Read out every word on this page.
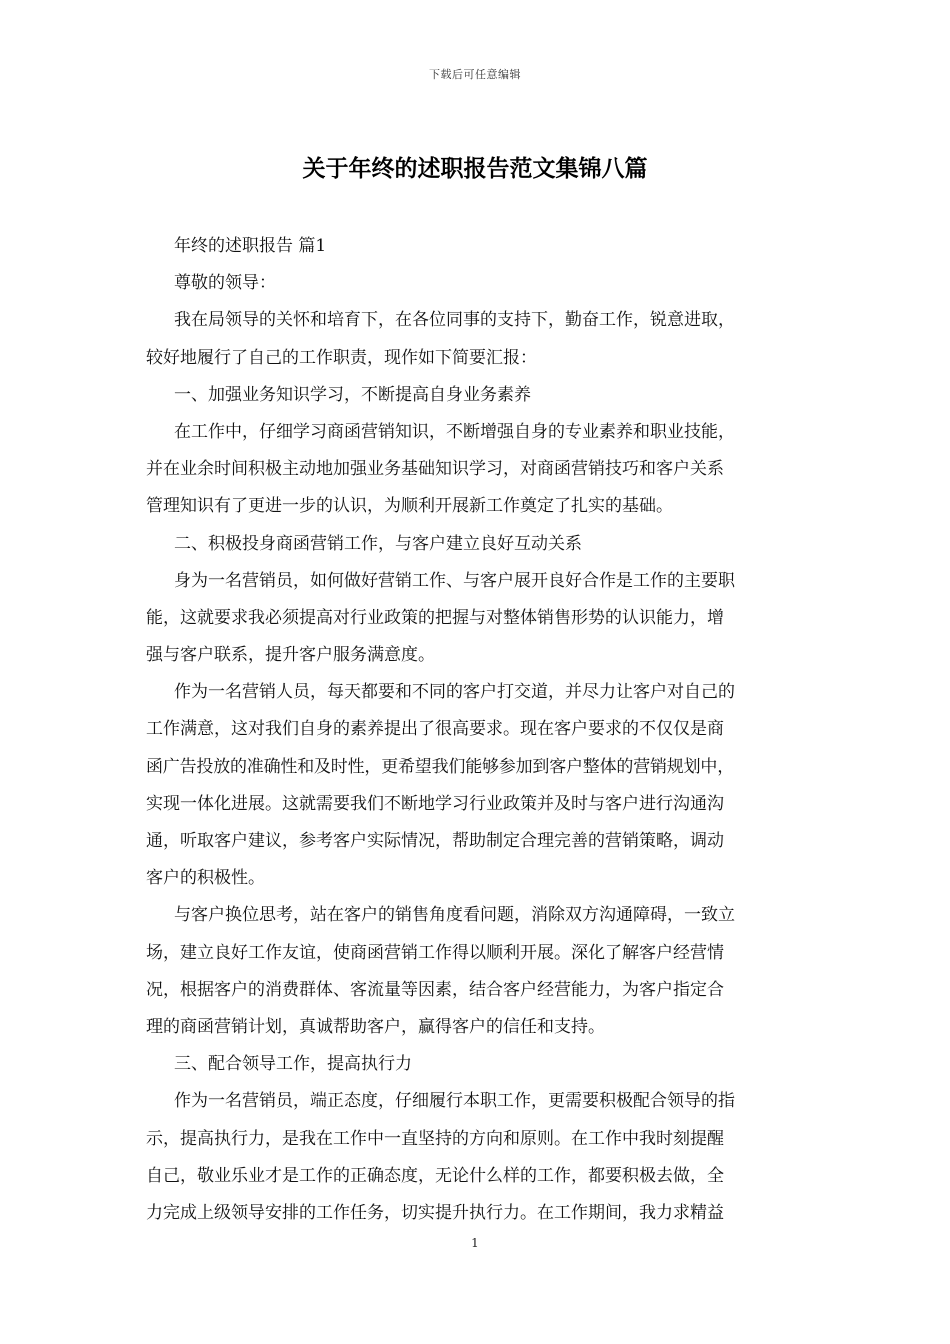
下载后可任意编辑
关于年终的述职报告范文集锦八篇
年终的述职报告 篇1
尊敬的领导：
我在局领导的关怀和培育下，在各位同事的支持下，勤奋工作，锐意进取，
较好地履行了自己的工作职责，现作如下简要汇报：
一、加强业务知识学习，不断提高自身业务素养
在工作中，仔细学习商函营销知识，不断增强自身的专业素养和职业技能，
并在业余时间积极主动地加强业务基础知识学习，对商函营销技巧和客户关系
管理知识有了更进一步的认识，为顺利开展新工作奠定了扎实的基础。
二、积极投身商函营销工作，与客户建立良好互动关系
身为一名营销员，如何做好营销工作、与客户展开良好合作是工作的主要职
能，这就要求我必须提高对行业政策的把握与对整体销售形势的认识能力，增
强与客户联系，提升客户服务满意度。
作为一名营销人员，每天都要和不同的客户打交道，并尽力让客户对自己的
工作满意，这对我们自身的素养提出了很高要求。现在客户要求的不仅仅是商
函广告投放的准确性和及时性，更希望我们能够参加到客户整体的营销规划中，
实现一体化进展。这就需要我们不断地学习行业政策并及时与客户进行沟通沟
通，听取客户建议，参考客户实际情况，帮助制定合理完善的营销策略，调动
客户的积极性。
与客户换位思考，站在客户的销售角度看问题，消除双方沟通障碍，一致立
场，建立良好工作友谊，使商函营销工作得以顺利开展。深化了解客户经营情
况，根据客户的消费群体、客流量等因素，结合客户经营能力，为客户指定合
理的商函营销计划，真诚帮助客户，赢得客户的信任和支持。
三、配合领导工作，提高执行力
作为一名营销员，端正态度，仔细履行本职工作，更需要积极配合领导的指
示，提高执行力，是我在工作中一直坚持的方向和原则。在工作中我时刻提醒
自己，敬业乐业才是工作的正确态度，无论什么样的工作，都要积极去做，全
力完成上级领导安排的工作任务，切实提升执行力。在工作期间，我力求精益
1
